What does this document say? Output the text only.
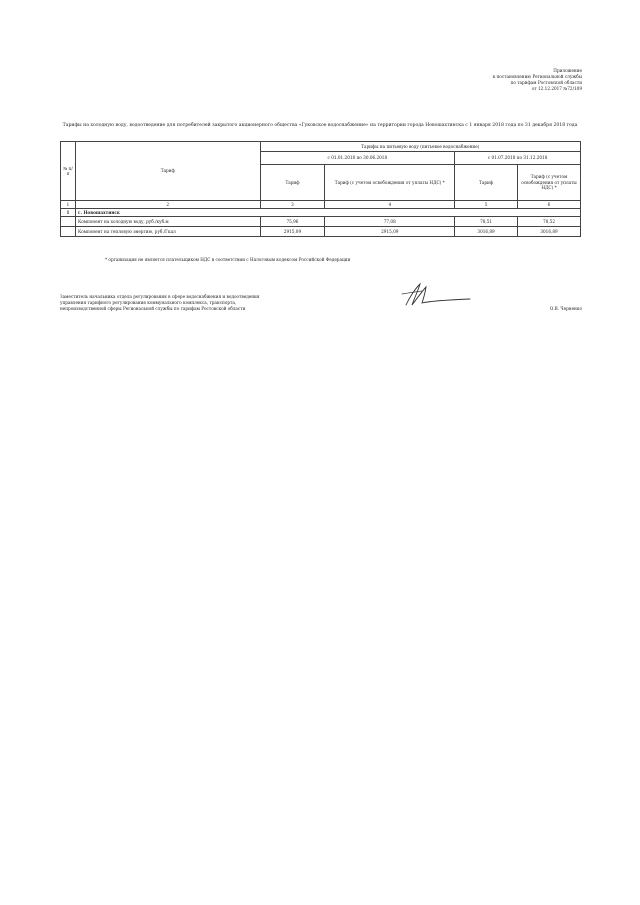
Приложение
к постановлению Региональной службы
по тарифам Ростовской области
от 12.12.2017 №72/109
Тарифы на холодную воду, водоотведение для потребителей закрытого акционерного общества «Гуковское водоснабжение» на территории города Новошахтинска с 1 января 2018 года по 31 декабря 2018 года
№ п/п	Тариф	Тарифы на питьевую воду (питьевое водоснабжение)			
		с 01.01.2018 по 30.06.2018		с 01.07.2018 по 31.12.2018	
		Тариф	Тариф (с учетом освобождения от уплаты НДС) *	Тариф	Тариф (с учетом освобождения от уплаты НДС) *
1	2	3	4	5	6
1	г. Новошахтинск				
	Компонент на холодную воду, руб./куб.м	75,96	77,08	78,51	78,52
	Компонент на тепловую энергию, руб./Гкал	2915,09	2915,09	3016,89	3016,89
* организация не является плательщиком НДС в соответствии с Налоговым кодексом Российской Федерации
Заместитель начальника отдела регулирования в сфере водоснабжения и водоотведения
управления тарифного регулирования коммунального комплекса, транспорта,
непроизводственной сферы Региональной службы по тарифам Ростовской области	О.В. Черненко
